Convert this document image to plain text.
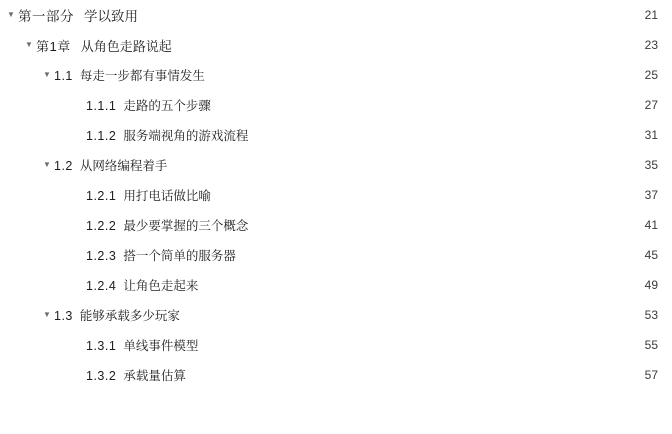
▼ 第一部分 学以致用	21
▼ 第1章 从角色走路说起	23
▼ 1.1 每走一步都有事情发生	25
1.1.1 走路的五个步骤	27
1.1.2 服务端视角的游戏流程	31
▼ 1.2 从网络编程着手	35
1.2.1 用打电话做比喻	37
1.2.2 最少要掌握的三个概念	41
1.2.3 搭一个简单的服务器	45
1.2.4 让角色走起来	49
▼ 1.3 能够承载多少玩家	53
1.3.1 单线事件模型	55
1.3.2 承载量估算	57
